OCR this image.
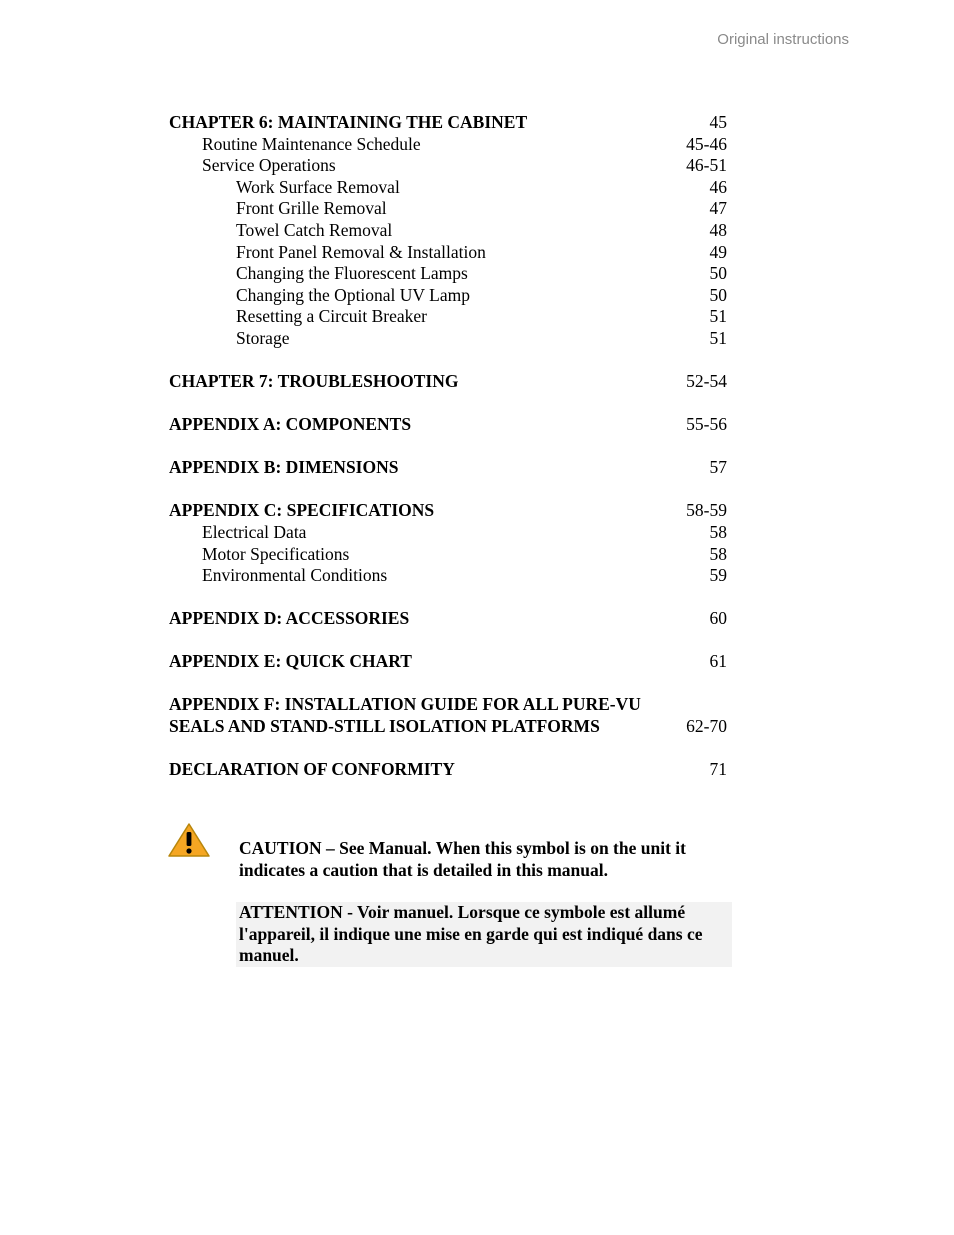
Original instructions
CHAPTER 6: MAINTAINING THE CABINET	45
Routine Maintenance Schedule	45-46
Service Operations	46-51
Work Surface Removal	46
Front Grille Removal	47
Towel Catch Removal	48
Front Panel Removal & Installation	49
Changing the Fluorescent Lamps	50
Changing the Optional UV Lamp	50
Resetting a Circuit Breaker	51
Storage	51
CHAPTER 7: TROUBLESHOOTING	52-54
APPENDIX A: COMPONENTS	55-56
APPENDIX B: DIMENSIONS	57
APPENDIX C: SPECIFICATIONS	58-59
Electrical Data	58
Motor Specifications	58
Environmental Conditions	59
APPENDIX D: ACCESSORIES	60
APPENDIX E: QUICK CHART	61
APPENDIX F: INSTALLATION GUIDE FOR ALL PURE-VU
SEALS AND STAND-STILL ISOLATION PLATFORMS	62-70
DECLARATION OF CONFORMITY	71
CAUTION – See Manual. When this symbol is on the unit it indicates a caution that is detailed in this manual.
ATTENTION - Voir manuel. Lorsque ce symbole est allumé l'appareil, il indique une mise en garde qui est indiqué dans ce manuel.
